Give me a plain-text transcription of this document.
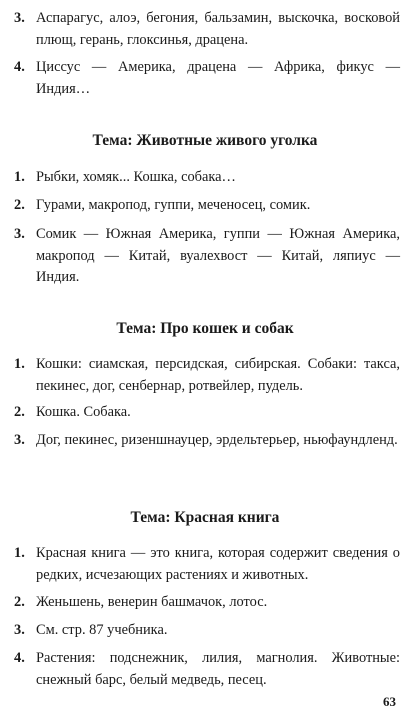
3. Аспарагус, алоэ, бегония, бальзамин, выскочка, восковой плющ, герань, глоксинья, драцена.
4. Циссус — Америка, драцена — Африка, фикус — Индия…
Тема: Животные живого уголка
1. Рыбки, хомяк... Кошка, собака…
2. Гурами, макропод, гуппи, меченосец, сомик.
3. Сомик — Южная Америка, гуппи — Южная Америка, макропод — Китай, вуалехвост — Китай, ляпиус — Индия.
Тема: Про кошек и собак
1. Кошки: сиамская, персидская, сибирская. Собаки: такса, пекинес, дог, сенбернар, ротвейлер, пудель.
2. Кошка. Собака.
3. Дог, пекинес, ризеншнауцер, эрдельтерьер, ньюфаундленд.
Тема: Красная книга
1. Красная книга — это книга, которая содержит сведения о редких, исчезающих растениях и животных.
2. Женьшень, венерин башмачок, лотос.
3. См. стр. 87 учебника.
4. Растения: подснежник, лилия, магнолия. Животные: снежный барс, белый медведь, песец.
63
